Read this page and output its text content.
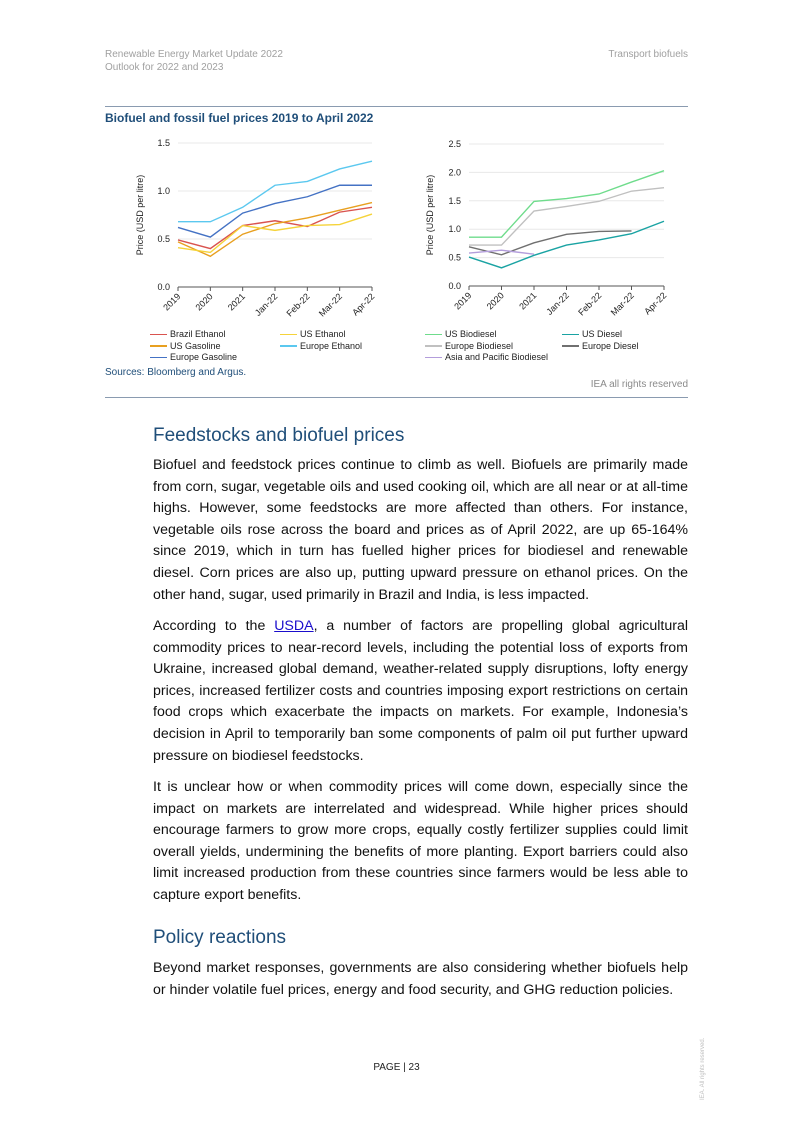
Renewable Energy Market Update 2022
Outlook for 2022 and 2023
Transport biofuels
Biofuel and fossil fuel prices 2019 to April 2022
0.0
0.5
1.0
1.5
2019 2020 2021 Jan-22 Feb-22 Mar-22 Apr-22
Price (USD per litre)
0.0
0.5
1.0
1.5
2.0
2.5
2019 2020 2021 Jan-22 Feb-22 Mar-22 Apr-22
Price (USD per litre)
Brazil Ethanol	US Ethanol
US Gasoline	Europe Ethanol
Europe Gasoline
US Biodiesel	US Diesel
Europe Biodiesel	Europe Diesel
Asia and Pacific Biodiesel
Sources: Bloomberg and Argus.
IEA all rights reserved
Feedstocks and biofuel prices

Biofuel and feedstock prices continue to climb as well. Biofuels are primarily made from corn, sugar, vegetable oils and used cooking oil, which are all near or at all-time highs. However, some feedstocks are more affected than others. For instance, vegetable oils rose across the board and prices as of April 2022, are up 65-164% since 2019, which in turn has fuelled higher prices for biodiesel and renewable diesel. Corn prices are also up, putting upward pressure on ethanol prices. On the other hand, sugar, used primarily in Brazil and India, is less impacted.

According to the USDA, a number of factors are propelling global agricultural commodity prices to near-record levels, including the potential loss of exports from Ukraine, increased global demand, weather-related supply disruptions, lofty energy prices, increased fertilizer costs and countries imposing export restrictions on certain food crops which exacerbate the impacts on markets. For example, Indonesia’s decision in April to temporarily ban some components of palm oil put further upward pressure on biodiesel feedstocks.

It is unclear how or when commodity prices will come down, especially since the impact on markets are interrelated and widespread. While higher prices should encourage farmers to grow more crops, equally costly fertilizer supplies could limit overall yields, undermining the benefits of more planting. Export barriers could also limit increased production from these countries since farmers would be less able to capture export benefits.

Policy reactions

Beyond market responses, governments are also considering whether biofuels help or hinder volatile fuel prices, energy and food security, and GHG reduction policies.

PAGE | 23	IEA. All rights reserved.
